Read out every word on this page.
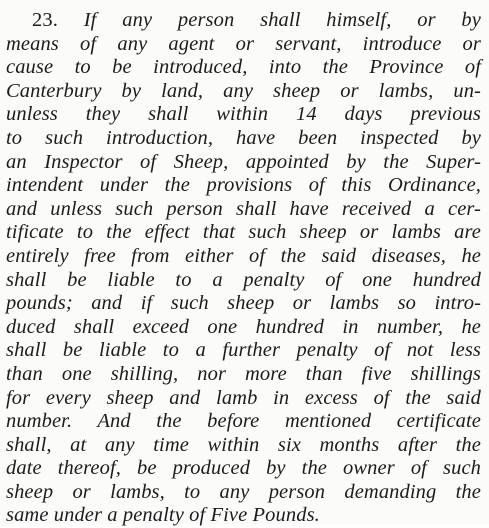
23. If any person shall himself, or by
means of any agent or servant, introduce or
cause to be introduced, into the Province of
Canterbury by land, any sheep or lambs, un-
unless they shall within 14 days previous
to such introduction, have been inspected by
an Inspector of Sheep, appointed by the Super-
intendent under the provisions of this Ordinance,
and unless such person shall have received a cer-
tificate to the effect that such sheep or lambs are
entirely free from either of the said diseases, he
shall be liable to a penalty of one hundred
pounds; and if such sheep or lambs so intro-
duced shall exceed one hundred in number, he
shall be liable to a further penalty of not less
than one shilling, nor more than five shillings
for every sheep and lamb in excess of the said
number. And the before mentioned certificate
shall, at any time within six months after the
date thereof, be produced by the owner of such
sheep or lambs, to any person demanding the
same under a penalty of Five Pounds.
